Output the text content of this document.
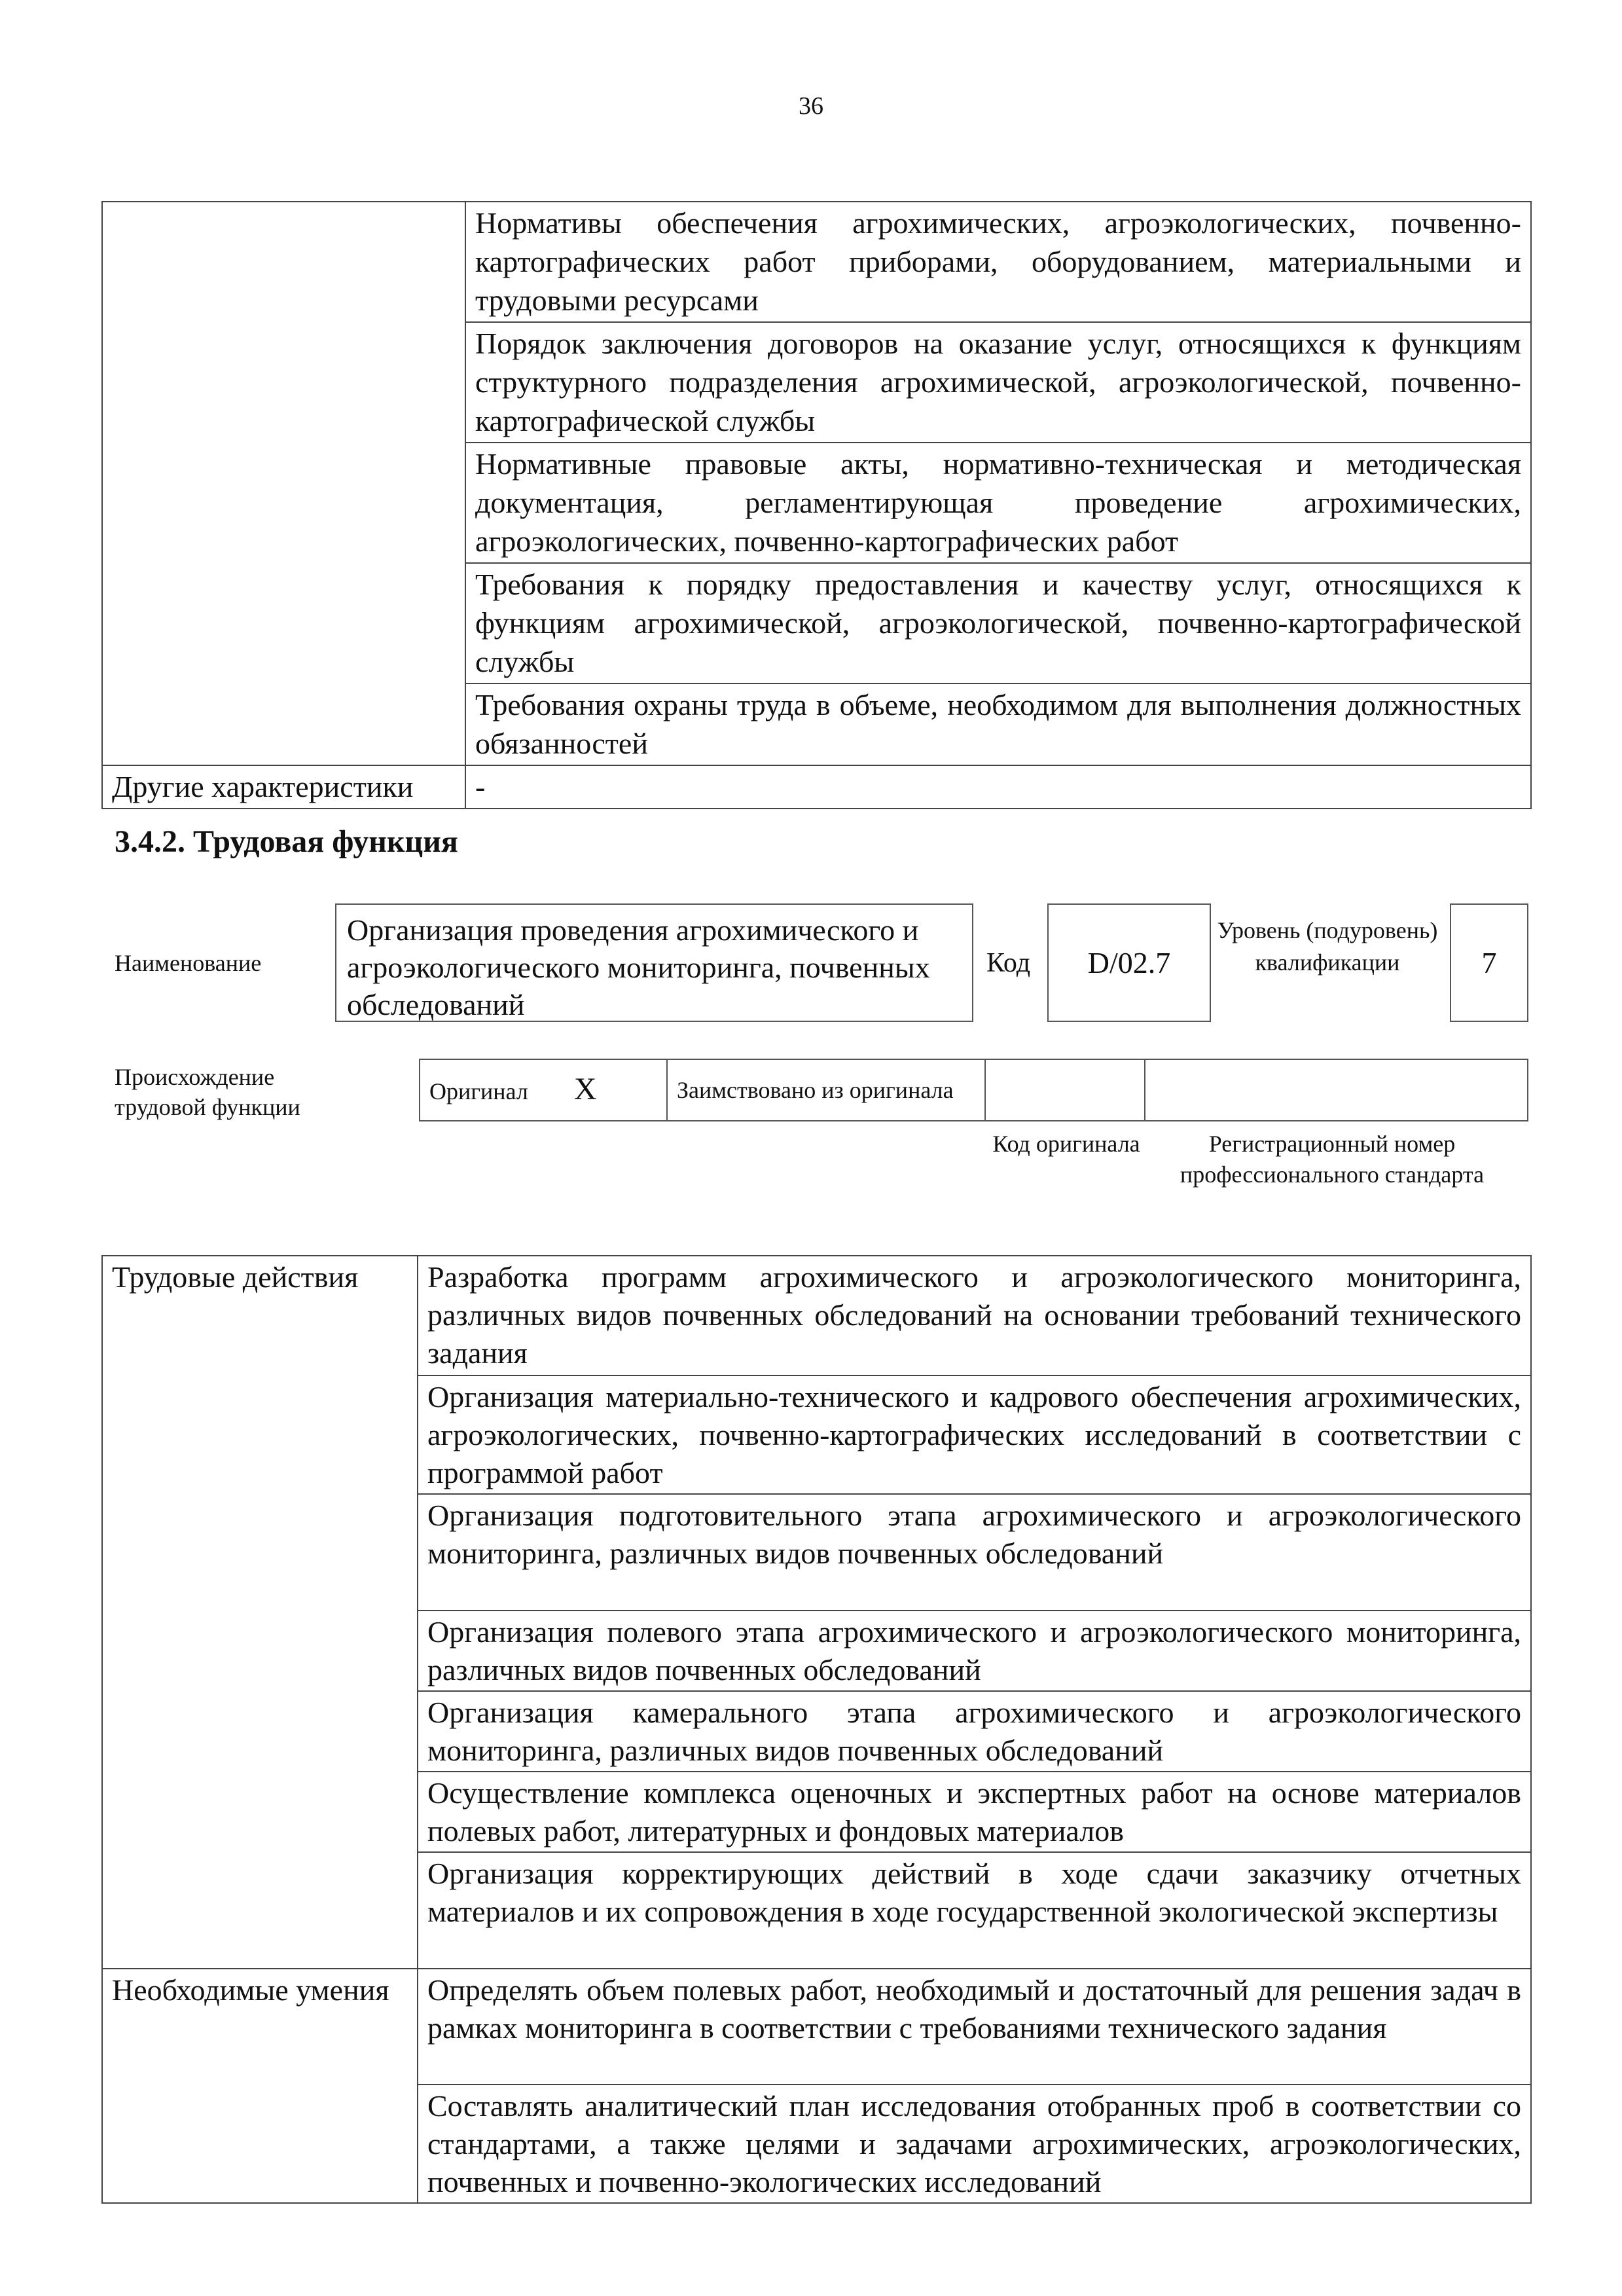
36
	Нормативы обеспечения агрохимических, агроэкологических, почвенно-картографических работ приборами, оборудованием, материальными и трудовыми ресурсами
	Порядок заключения договоров на оказание услуг, относящихся к функциям структурного подразделения агрохимической, агроэкологической, почвенно-картографической службы
	Нормативные правовые акты, нормативно-техническая и методическая документация, регламентирующая проведение агрохимических, агроэкологических, почвенно-картографических работ
	Требования к порядку предоставления и качеству услуг, относящихся к функциям агрохимической, агроэкологической, почвенно-картографической службы
	Требования охраны труда в объеме, необходимом для выполнения должностных обязанностей
Другие характеристики	-
3.4.2. Трудовая функция
Наименование
Организация проведения агрохимического и агроэкологического мониторинга, почвенных обследований
Код	D/02.7
Уровень (подуровень) квалификации	7
Происхождение трудовой функции
Оригинал X	Заимствовано из оригинала		
Код оригинала	Регистрационный номер профессионального стандарта
Трудовые действия	Разработка программ агрохимического и агроэкологического мониторинга, различных видов почвенных обследований на основании требований технического задания
	Организация материально-технического и кадрового обеспечения агрохимических, агроэкологических, почвенно-картографических исследований в соответствии с программой работ
	Организация подготовительного этапа агрохимического и агроэкологического мониторинга, различных видов почвенных обследований
	Организация полевого этапа агрохимического и агроэкологического мониторинга, различных видов почвенных обследований
	Организация камерального этапа агрохимического и агроэкологического мониторинга, различных видов почвенных обследований
	Осуществление комплекса оценочных и экспертных работ на основе материалов полевых работ, литературных и фондовых материалов
	Организация корректирующих действий в ходе сдачи заказчику отчетных материалов и их сопровождения в ходе государственной экологической экспертизы
Необходимые умения	Определять объем полевых работ, необходимый и достаточный для решения задач в рамках мониторинга в соответствии с требованиями технического задания
	Составлять аналитический план исследования отобранных проб в соответствии со стандартами, а также целями и задачами агрохимических, агроэкологических, почвенных и почвенно-экологических исследований
